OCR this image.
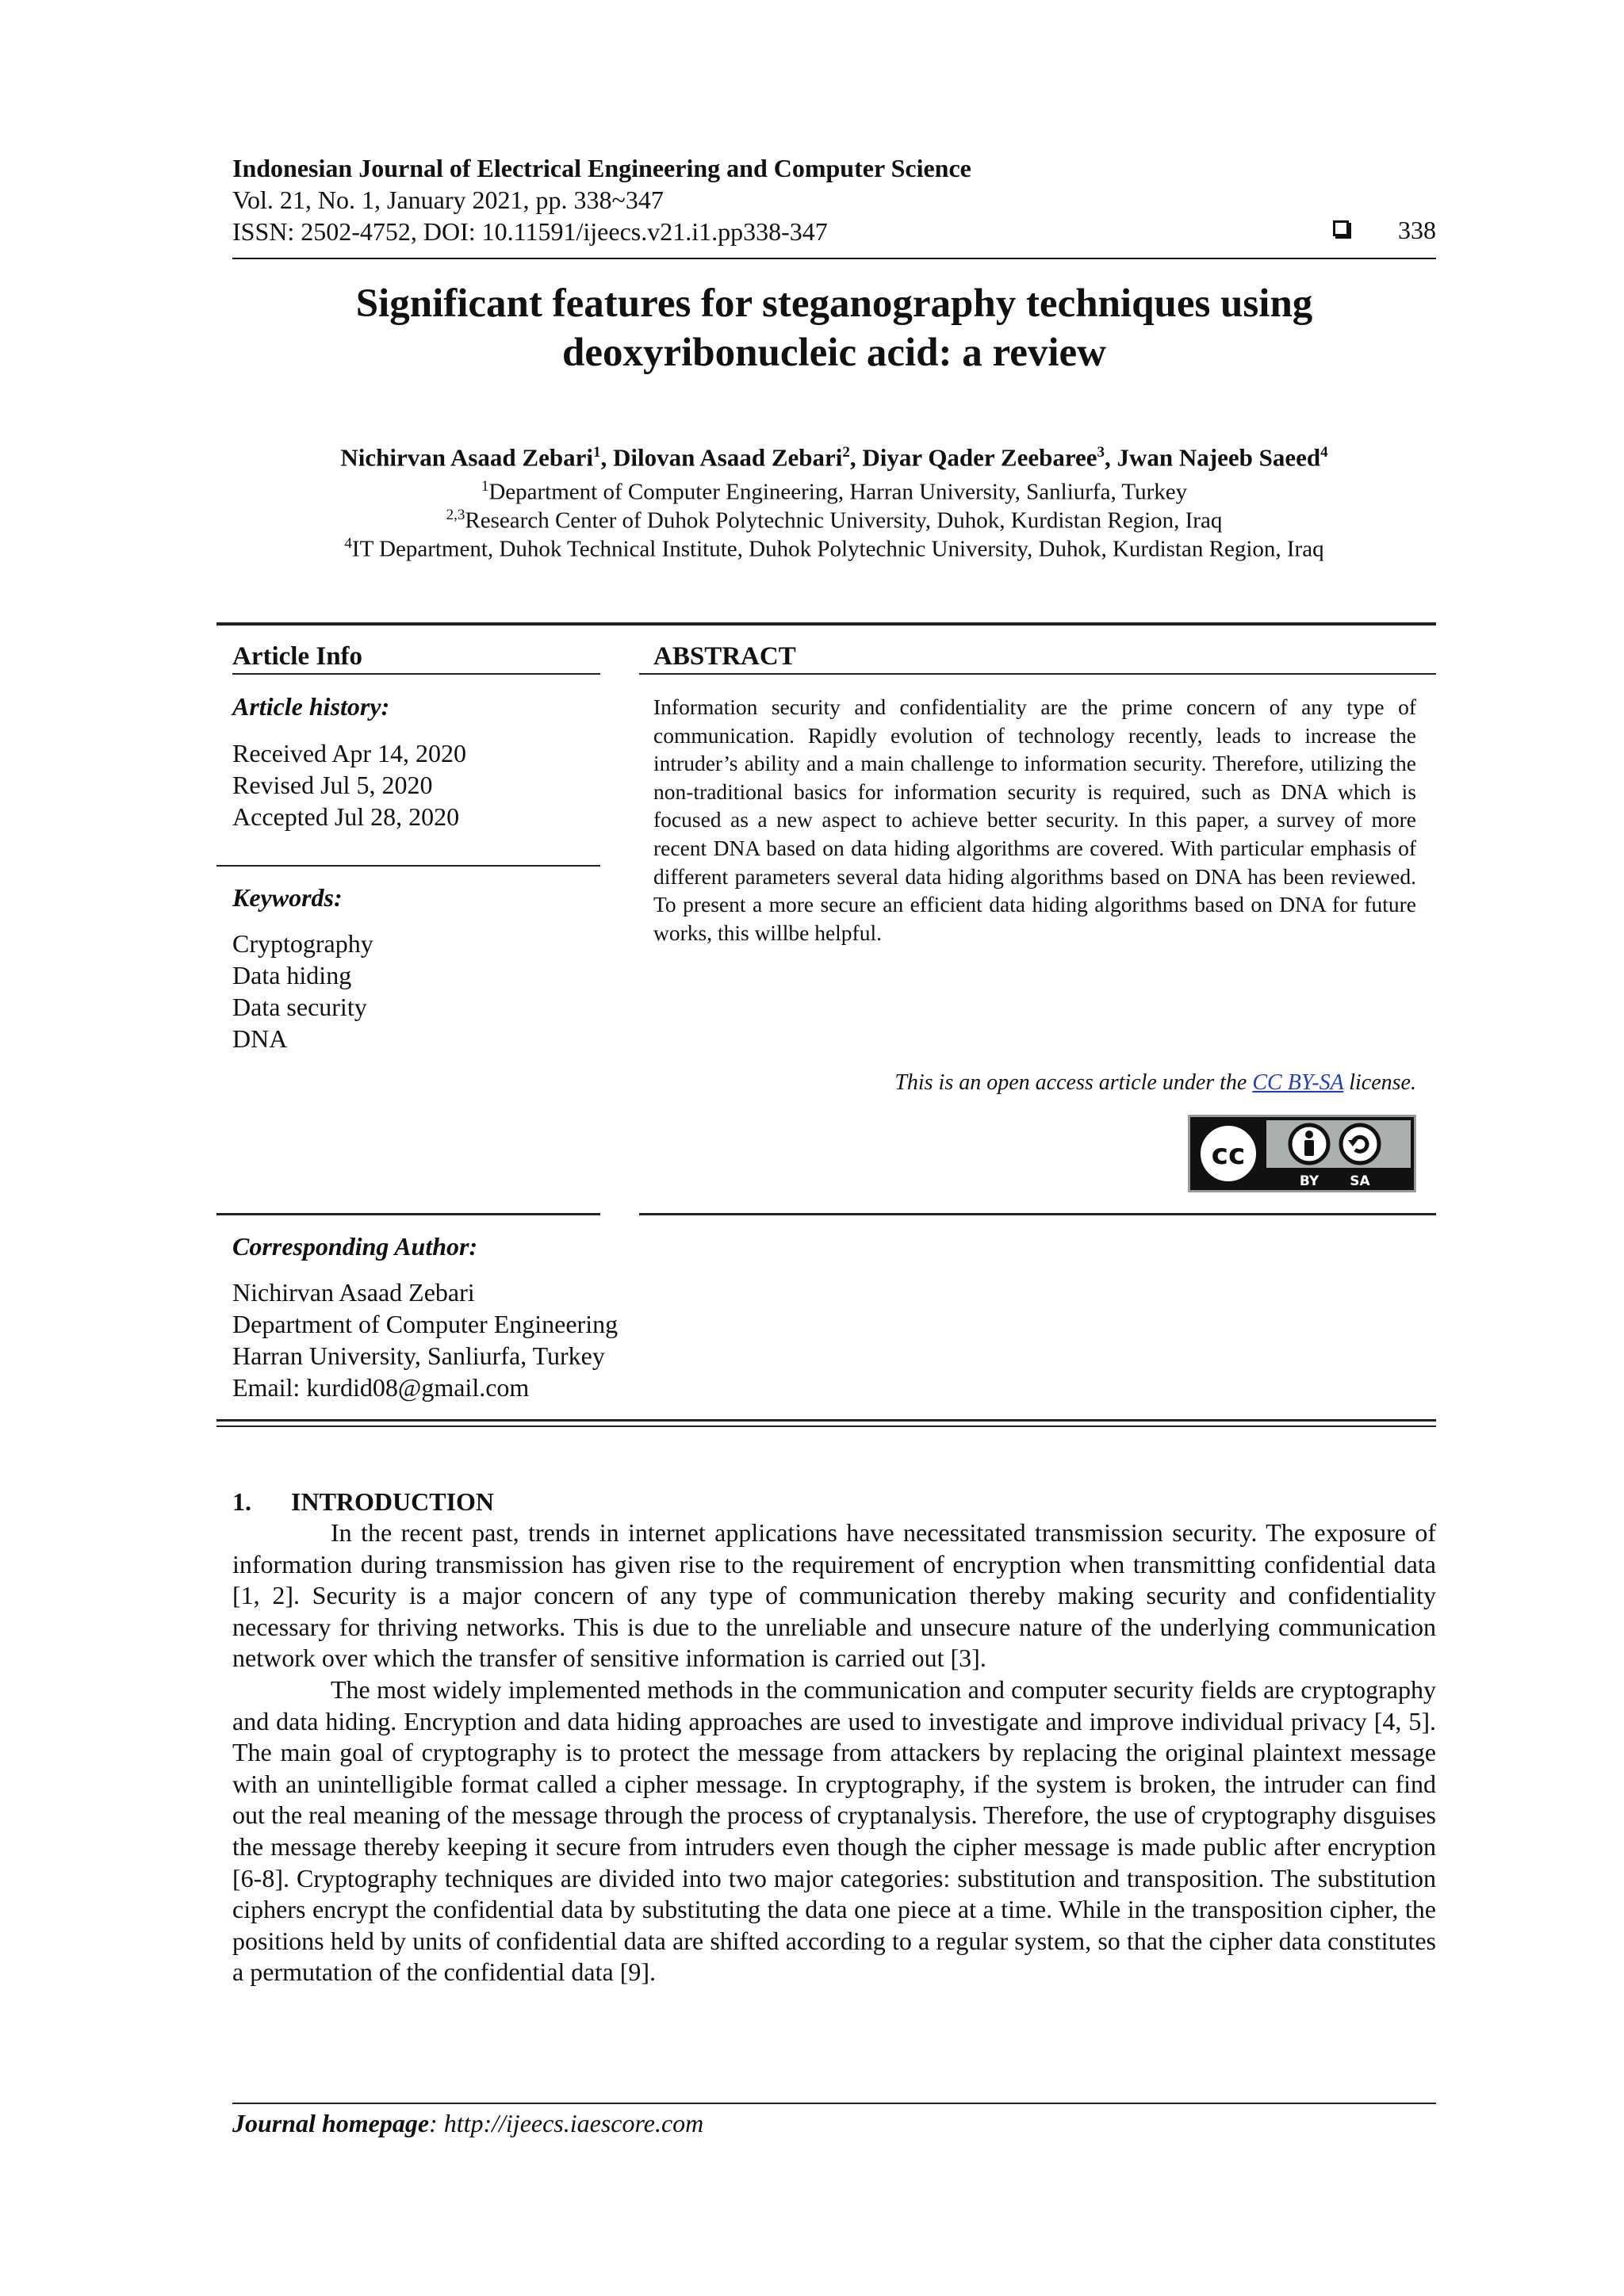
Indonesian Journal of Electrical Engineering and Computer Science
Vol. 21, No. 1, January 2021, pp. 338~347
ISSN: 2502-4752, DOI: 10.11591/ijeecs.v21.i1.pp338-347	338
Significant features for steganography techniques using deoxyribonucleic acid: a review
Nichirvan Asaad Zebari$^1$, Dilovan Asaad Zebari$^2$, Diyar Qader Zeebaree$^3$, Jwan Najeeb Saeed$^4$
$^1$Department of Computer Engineering, Harran University, Sanliurfa, Turkey
$^{2,3}$Research Center of Duhok Polytechnic University, Duhok, Kurdistan Region, Iraq
$^4$IT Department, Duhok Technical Institute, Duhok Polytechnic University, Duhok, Kurdistan Region, Iraq
Article Info
Article history:
Received Apr 14, 2020
Revised Jul 5, 2020
Accepted Jul 28, 2020
Keywords:
Cryptography
Data hiding
Data security
DNA
ABSTRACT
Information security and confidentiality are the prime concern of any type of communication. Rapidly evolution of technology recently, leads to increase the intruder’s ability and a main challenge to information security. Therefore, utilizing the non-traditional basics for information security is required, such as DNA which is focused as a new aspect to achieve better security. In this paper, a survey of more recent DNA based on data hiding algorithms are covered. With particular emphasis of different parameters several data hiding algorithms based on DNA has been reviewed. To present a more secure an efficient data hiding algorithms based on DNA for future works, this willbe helpful.
This is an open access article under the CC BY-SA license.
cc
BY SA
Corresponding Author:
Nichirvan Asaad Zebari
Department of Computer Engineering
Harran University, Sanliurfa, Turkey
Email: kurdid08@gmail.com
1. INTRODUCTION

In the recent past, trends in internet applications have necessitated transmission security. The exposure of information during transmission has given rise to the requirement of encryption when transmitting confidential data [1, 2]. Security is a major concern of any type of communication thereby making security and confidentiality necessary for thriving networks. This is due to the unreliable and unsecure nature of the underlying communication network over which the transfer of sensitive information is carried out [3].

The most widely implemented methods in the communication and computer security fields are cryptography and data hiding. Encryption and data hiding approaches are used to investigate and improve individual privacy [4, 5]. The main goal of cryptography is to protect the message from attackers by replacing the original plaintext message with an unintelligible format called a cipher message. In cryptography, if the system is broken, the intruder can find out the real meaning of the message through the process of cryptanalysis. Therefore, the use of cryptography disguises the message thereby keeping it secure from intruders even though the cipher message is made public after encryption [6-8]. Cryptography techniques are divided into two major categories: substitution and transposition. The substitution ciphers encrypt the confidential data by substituting the data one piece at a time. While in the transposition cipher, the positions held by units of confidential data are shifted according to a regular system, so that the cipher data constitutes a permutation of the confidential data [9].

Journal homepage: http://ijeecs.iaescore.com
